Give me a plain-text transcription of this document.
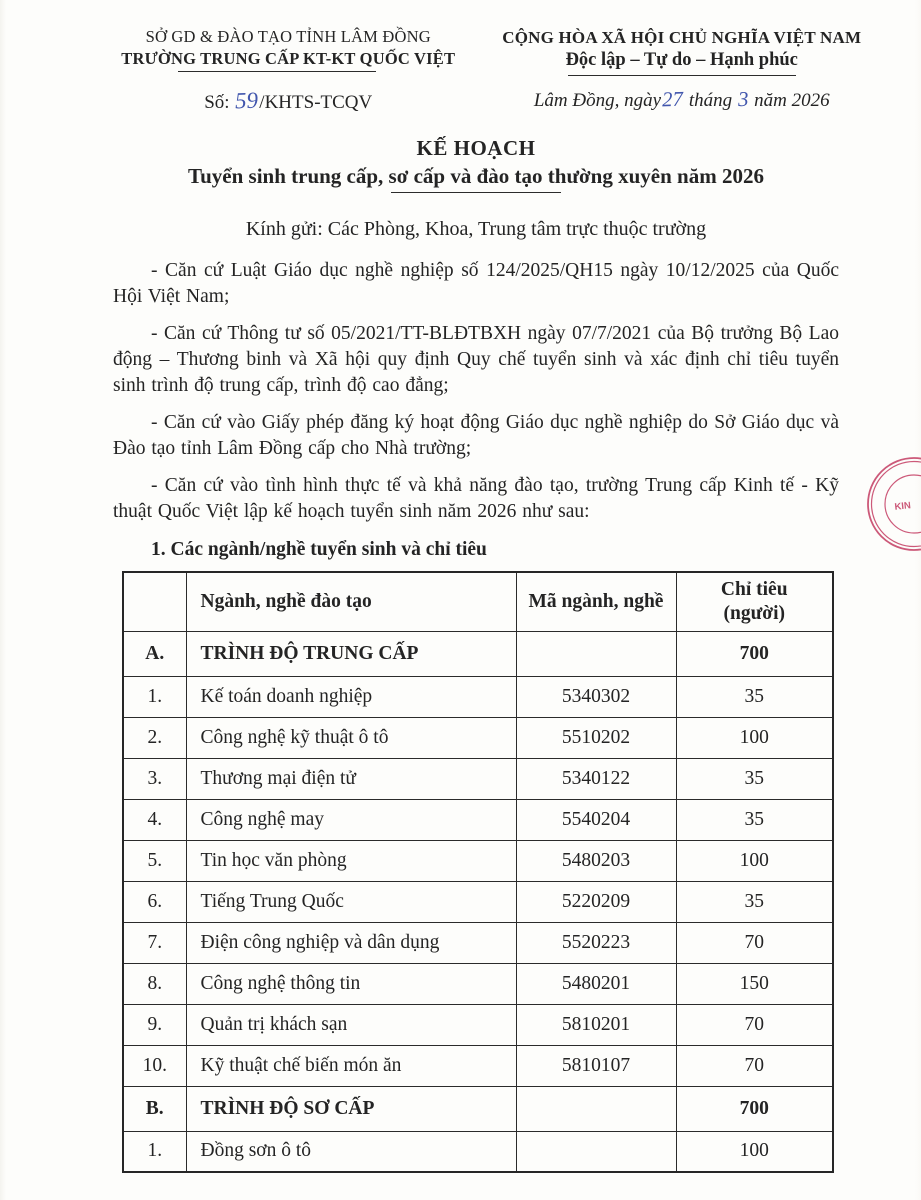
SỞ GD & ĐÀO TẠO TỈNH LÂM ĐỒNG
TRƯỜNG TRUNG CẤP KT-KT QUỐC VIỆT
Số: 59/KHTS-TCQV
CỘNG HÒA XÃ HỘI CHỦ NGHĨA VIỆT NAM
Độc lập – Tự do – Hạnh phúc
Lâm Đồng, ngày27 tháng 3 năm 2026
KẾ HOẠCH
Tuyển sinh trung cấp, sơ cấp và đào tạo thường xuyên năm 2026
Kính gửi: Các Phòng, Khoa, Trung tâm trực thuộc trường

- Căn cứ Luật Giáo dục nghề nghiệp số 124/2025/QH15 ngày 10/12/2025 của Quốc Hội Việt Nam;

- Căn cứ Thông tư số 05/2021/TT-BLĐTBXH ngày 07/7/2021 của Bộ trưởng Bộ Lao động – Thương binh và Xã hội quy định Quy chế tuyển sinh và xác định chỉ tiêu tuyển sinh trình độ trung cấp, trình độ cao đẳng;

- Căn cứ vào Giấy phép đăng ký hoạt động Giáo dục nghề nghiệp do Sở Giáo dục và Đào tạo tỉnh Lâm Đồng cấp cho Nhà trường;

- Căn cứ vào tình hình thực tế và khả năng đào tạo, trường Trung cấp Kinh tế - Kỹ thuật Quốc Việt lập kế hoạch tuyển sinh năm 2026 như sau:

1. Các ngành/nghề tuyển sinh và chỉ tiêu
	Ngành, nghề đào tạo	Mã ngành, nghề	Chỉ tiêu
(người)

A.	TRÌNH ĐỘ TRUNG CẤP		700
1.	Kế toán doanh nghiệp	5340302	35
2.	Công nghệ kỹ thuật ô tô	5510202	100
3.	Thương mại điện tử	5340122	35
4.	Công nghệ may	5540204	35
5.	Tin học văn phòng	5480203	100
6.	Tiếng Trung Quốc	5220209	35
7.	Điện công nghiệp và dân dụng	5520223	70
8.	Công nghệ thông tin	5480201	150
9.	Quản trị khách sạn	5810201	70
10.	Kỹ thuật chế biến món ăn	5810107	70
B.	TRÌNH ĐỘ SƠ CẤP		700
1.	Đồng sơn ô tô		100
KIN
